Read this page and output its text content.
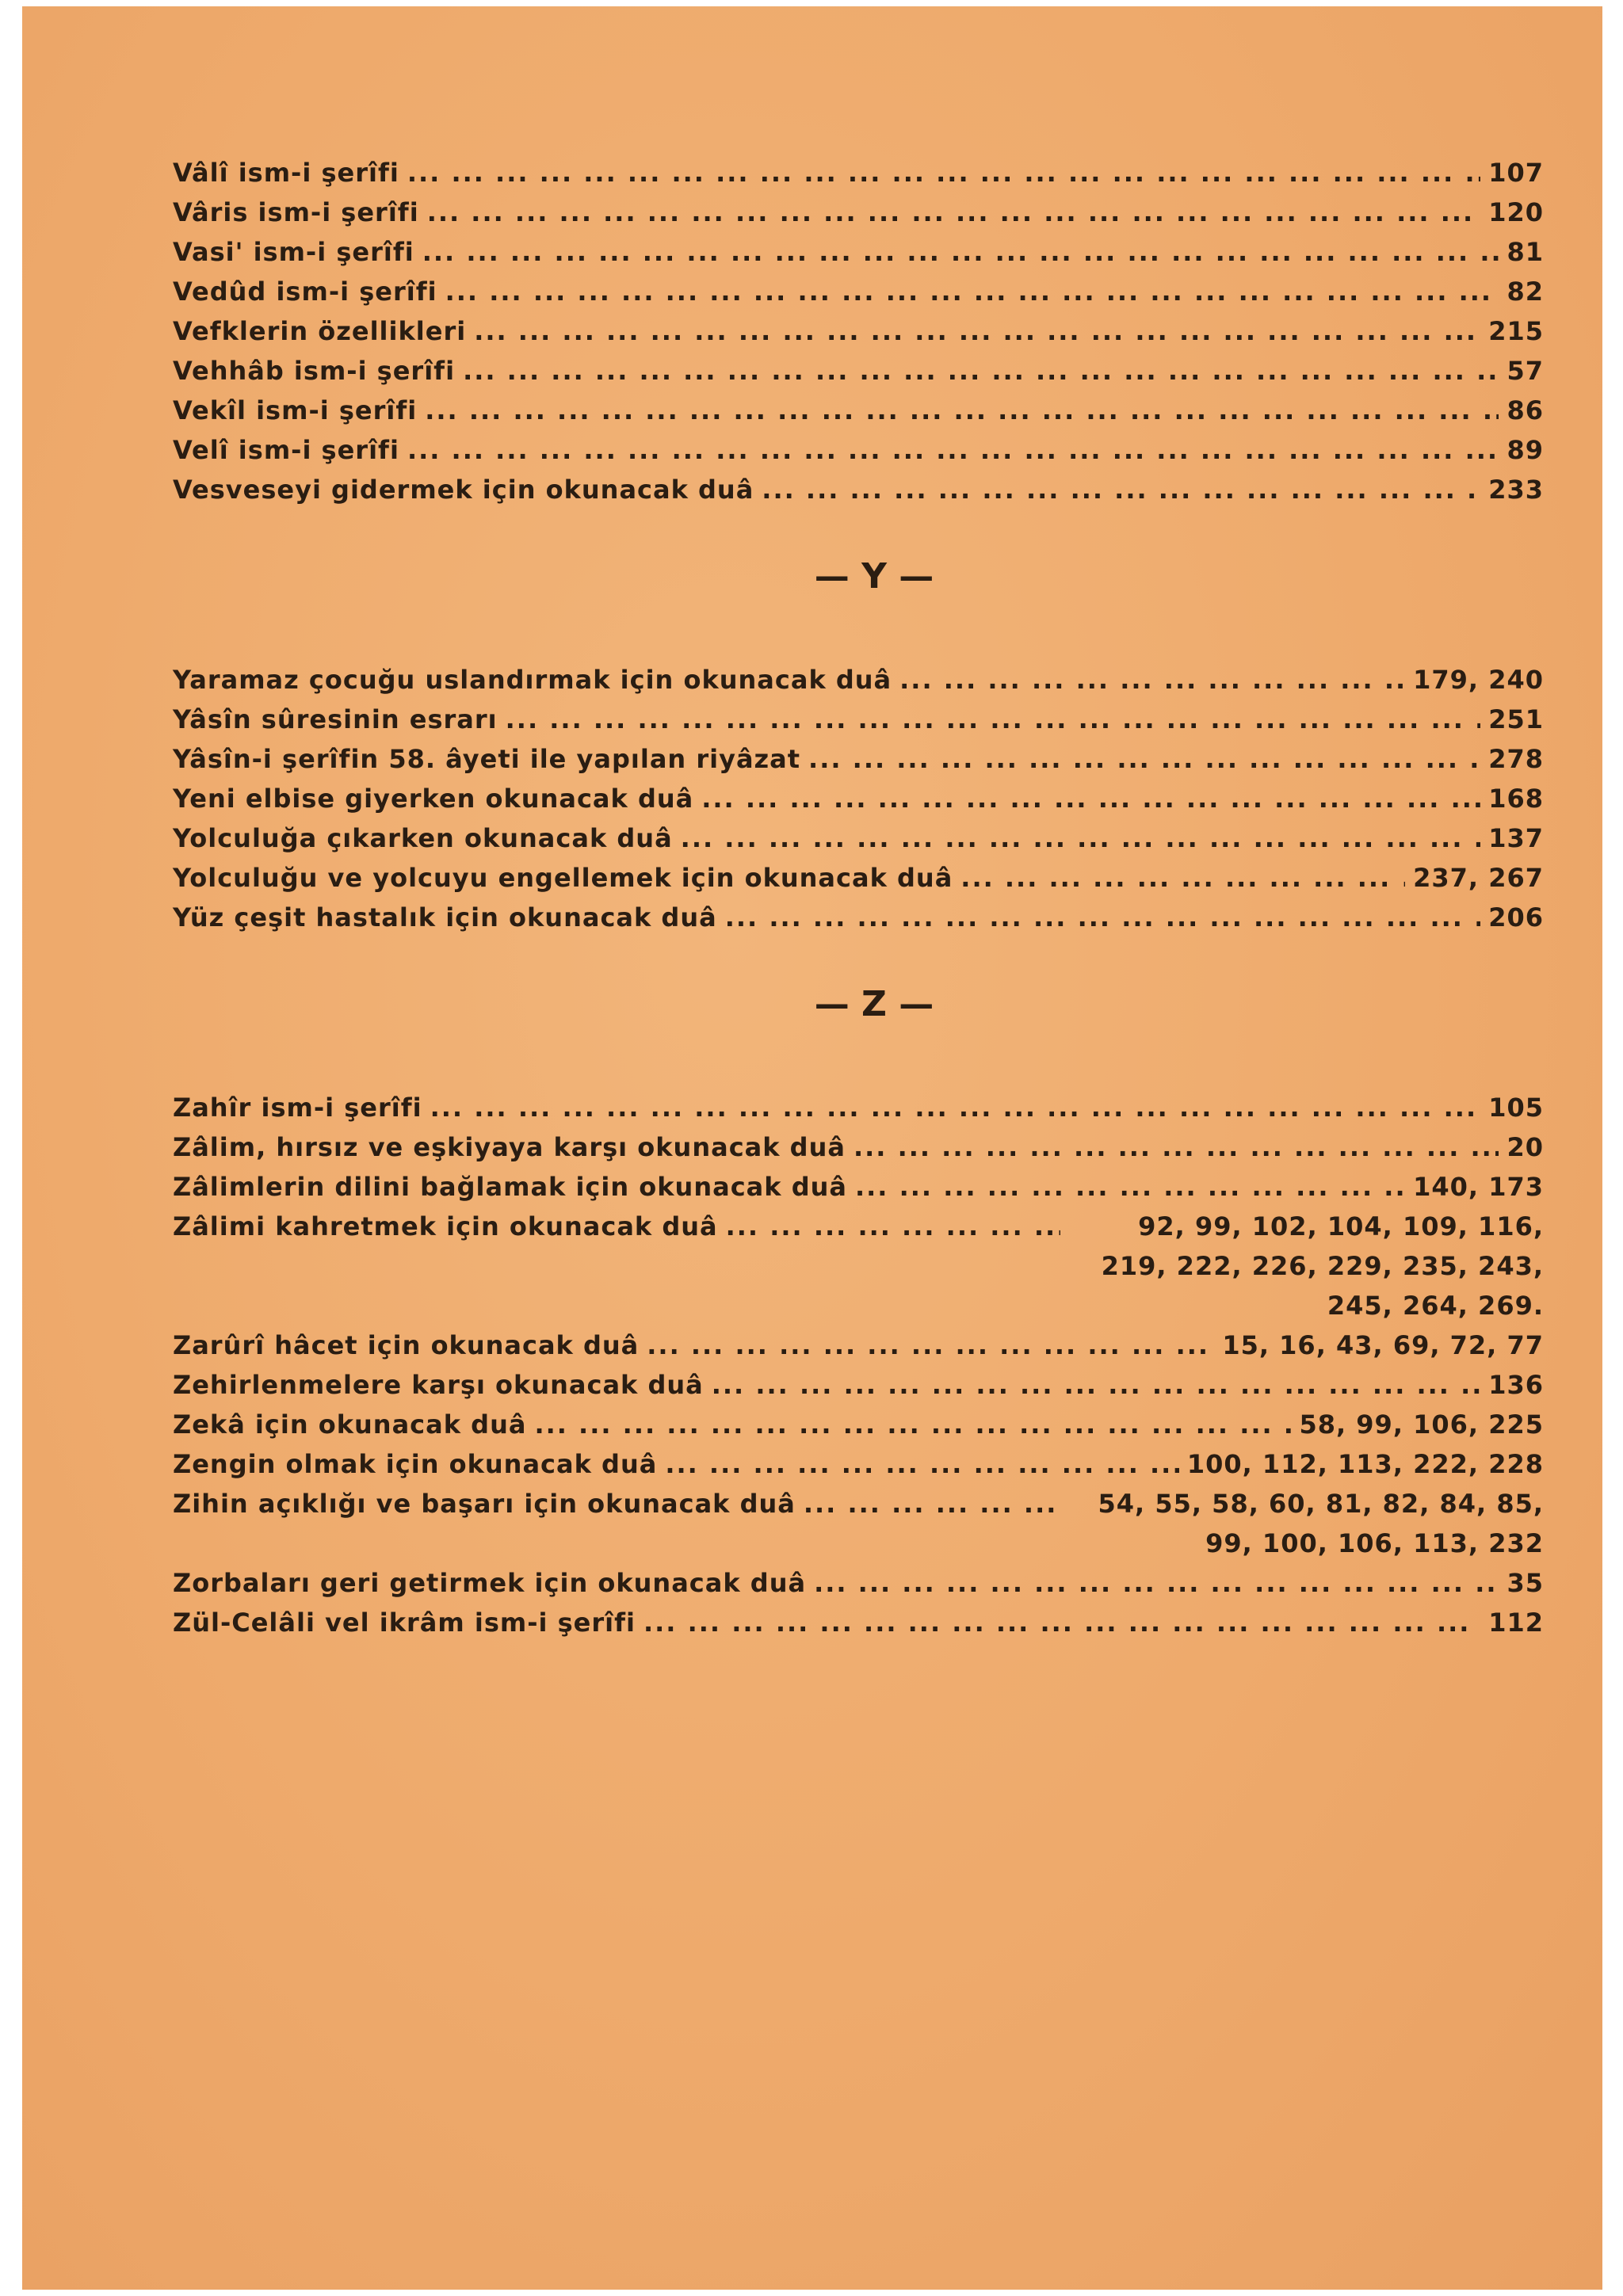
Vâlî ism-i şerîfi ... .	107
Vâris ism-i şerîfi ... .	120
Vasi' ism-i şerîfi ... .	81
Vedûd ism-i şerîfi ... .	82
Vefklerin özellikleri ... .	215
Vehhâb ism-i şerîfi ... .	57
Vekîl ism-i şerîfi ... .	86
Velî ism-i şerîfi ... .	89
Vesveseyi gidermek için okunacak duâ ... .	233
— Y —
Yaramaz çocuğu uslandırmak için okunacak duâ ... .	179, 240
Yâsîn sûresinin esrarı ... .	251
Yâsîn-i şerîfin 58. âyeti ile yapılan riyâzat ... .	278
Yeni elbise giyerken okunacak duâ ... .	168
Yolculuğa çıkarken okunacak duâ ... .	137
Yolculuğu ve yolcuyu engellemek için okunacak duâ ... .	237, 267
Yüz çeşit hastalık için okunacak duâ ... .	206
— Z —
Zahîr ism-i şerîfi ... .	105
Zâlim, hırsız ve eşkiyaya karşı okunacak duâ ... .	20
Zâlimlerin dilini bağlamak için okunacak duâ ... .	140, 173
Zâlimi kahretmek için okunacak duâ ... .	92, 99, 102, 104, 109, 116, 219, 222, 226, 229, 235, 243, 245, 264, 269.
Zarûrî hâcet için okunacak duâ ... .	15, 16, 43, 69, 72, 77
Zehirlenmelere karşı okunacak duâ ... .	136
Zekâ için okunacak duâ ... .	58, 99, 106, 225
Zengin olmak için okunacak duâ ... .	100, 112, 113, 222, 228
Zihin açıklığı ve başarı için okunacak duâ ... .	54, 55, 58, 60, 81, 82, 84, 85, 99, 100, 106, 113, 232
Zorbaları geri getirmek için okunacak duâ ... .	35
Zül-Celâli vel ikrâm ism-i şerîfi ... .	112
